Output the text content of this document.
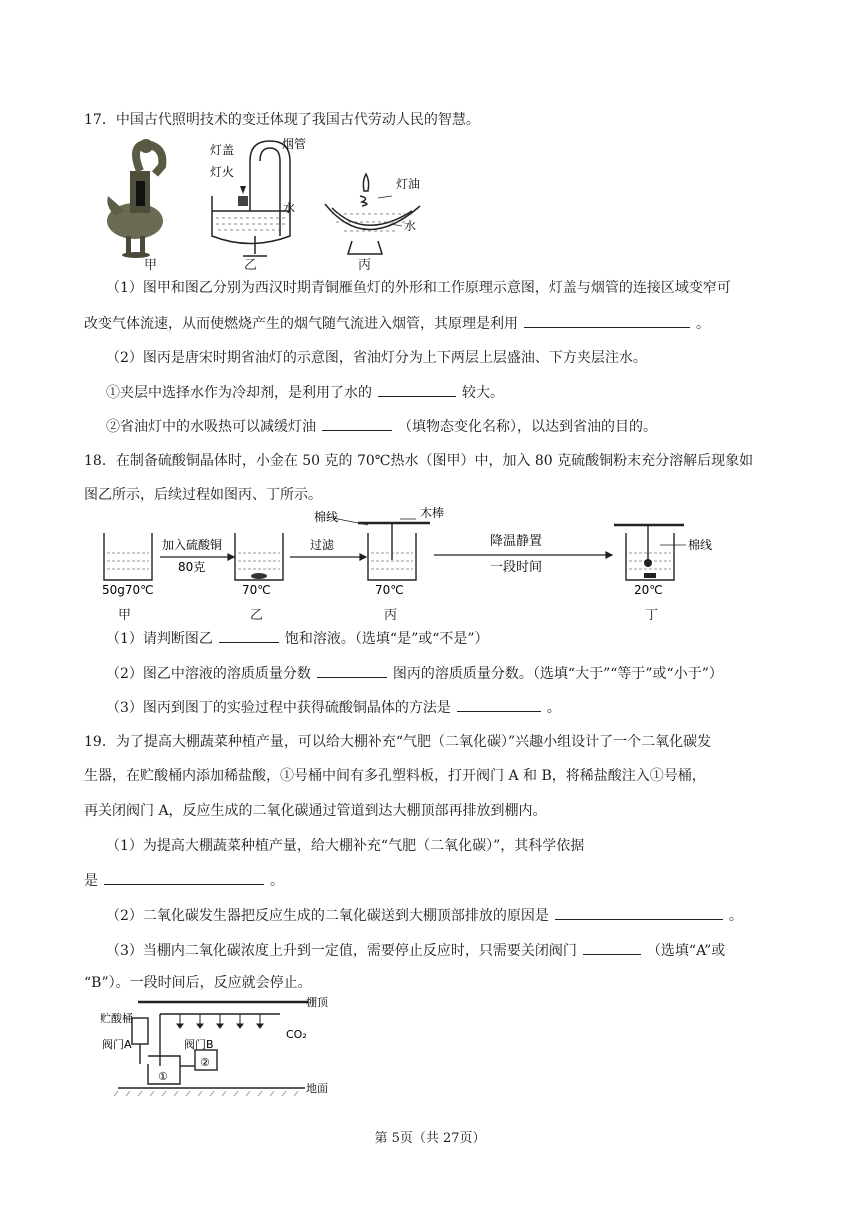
17．中国古代照明技术的变迁体现了我国古代劳动人民的智慧。
灯盖	烟管
灯火
水
灯油
水
甲	乙	丙
（1）图甲和图乙分别为西汉时期青铜雁鱼灯的外形和工作原理示意图，灯盖与烟管的连接区域变窄可
改变气体流速，从而使燃烧产生的烟气随气流进入烟管，其原理是利用	。
（2）图丙是唐宋时期省油灯的示意图，省油灯分为上下两层上层盛油、下方夹层注水。
①夹层中选择水作为冷却剂，是利用了水的	较大。
②省油灯中的水吸热可以减缓灯油	（填物态变化名称），以达到省油的目的。
18．在制备硫酸铜晶体时，小金在 50 克的 70℃热水（图甲）中，加入 80 克硫酸铜粉末充分溶解后现象如
图乙所示，后续过程如图丙、丁所示。
加入硫酸铜
80克
过滤
棉线	木棒
降温静置
一段时间
棉线
50g70℃	70℃	70℃	20℃
甲	乙	丙	丁
（1）请判断图乙	饱和溶液。（选填“是”或“不是”）
（2）图乙中溶液的溶质质量分数	图丙的溶质质量分数。（选填“大于”“等于”或“小于”）
（3）图丙到图丁的实验过程中获得硫酸铜晶体的方法是	。
19．为了提高大棚蔬菜种植产量，可以给大棚补充“气肥（二氧化碳）”兴趣小组设计了一个二氧化碳发
生器，在贮酸桶内添加稀盐酸，①号桶中间有多孔塑料板，打开阀门 A 和 B，将稀盐酸注入①号桶，
再关闭阀门 A，反应生成的二氧化碳通过管道到达大棚顶部再排放到棚内。
（1）为提高大棚蔬菜种植产量，给大棚补充“气肥（二氧化碳）”，其科学依据
是	。
（2）二氧化碳发生器把反应生成的二氧化碳送到大棚顶部排放的原因是	。
（3）当棚内二氧化碳浓度上升到一定值，需要停止反应时，只需要关闭阀门	（选填“A”或
“B”）。一段时间后，反应就会停止。
棚顶
贮酸桶
阀门A	阀门B
CO₂
地面
①
②
第 5页（共 27页）
